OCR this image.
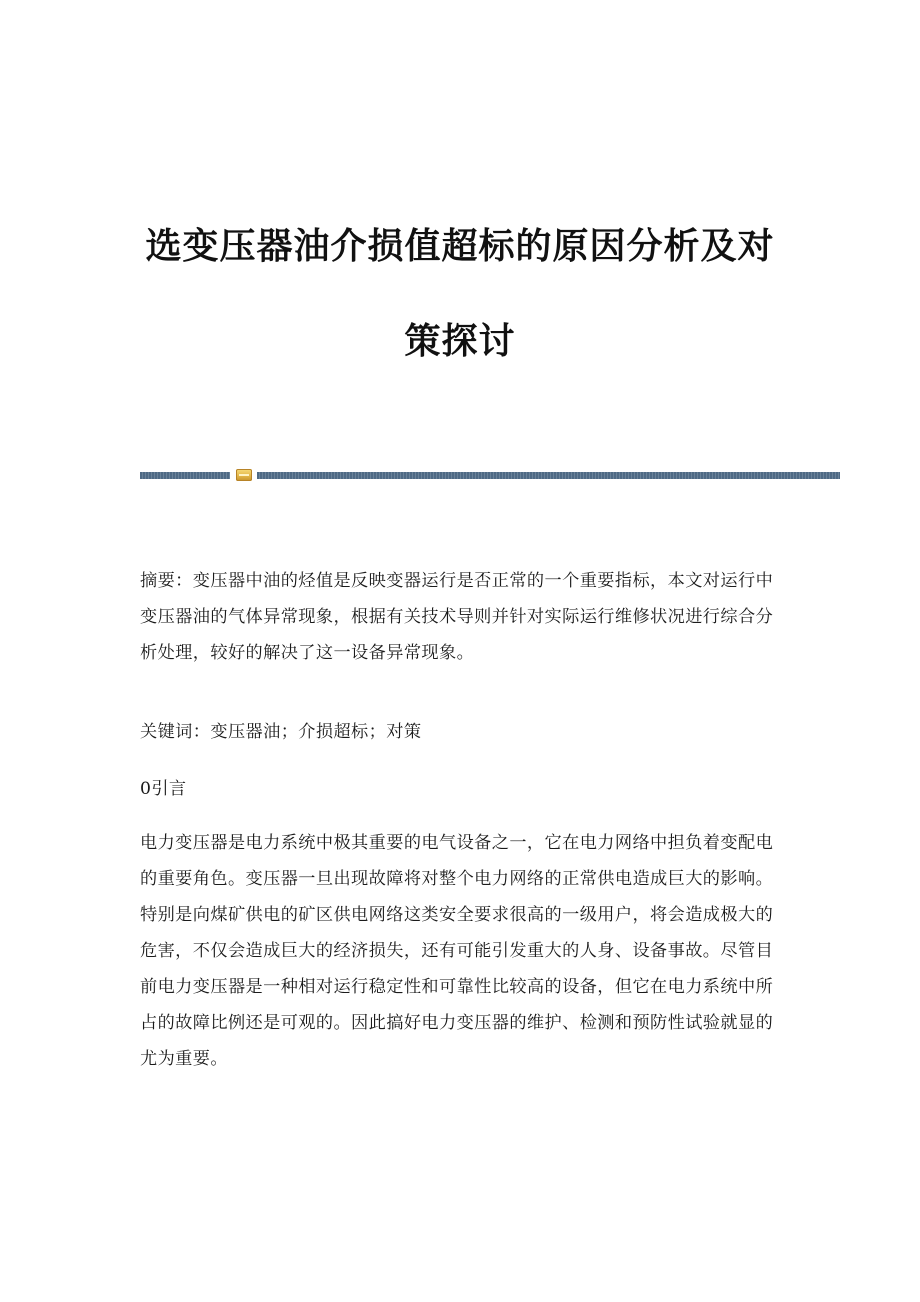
选变压器油介损值超标的原因分析及对
策探讨
摘要：变压器中油的烃值是反映变器运行是否正常的一个重要指标，本文对运行中变压器油的气体异常现象，根据有关技术导则并针对实际运行维修状况进行综合分析处理，较好的解决了这一设备异常现象。
关键词：变压器油；介损超标；对策
0引言
电力变压器是电力系统中极其重要的电气设备之一，它在电力网络中担负着变配电的重要角色。变压器一旦出现故障将对整个电力网络的正常供电造成巨大的影响。特别是向煤矿供电的矿区供电网络这类安全要求很高的一级用户，将会造成极大的危害，不仅会造成巨大的经济损失，还有可能引发重大的人身、设备事故。尽管目前电力变压器是一种相对运行稳定性和可靠性比较高的设备，但它在电力系统中所占的故障比例还是可观的。因此搞好电力变压器的维护、检测和预防性试验就显的尤为重要。
